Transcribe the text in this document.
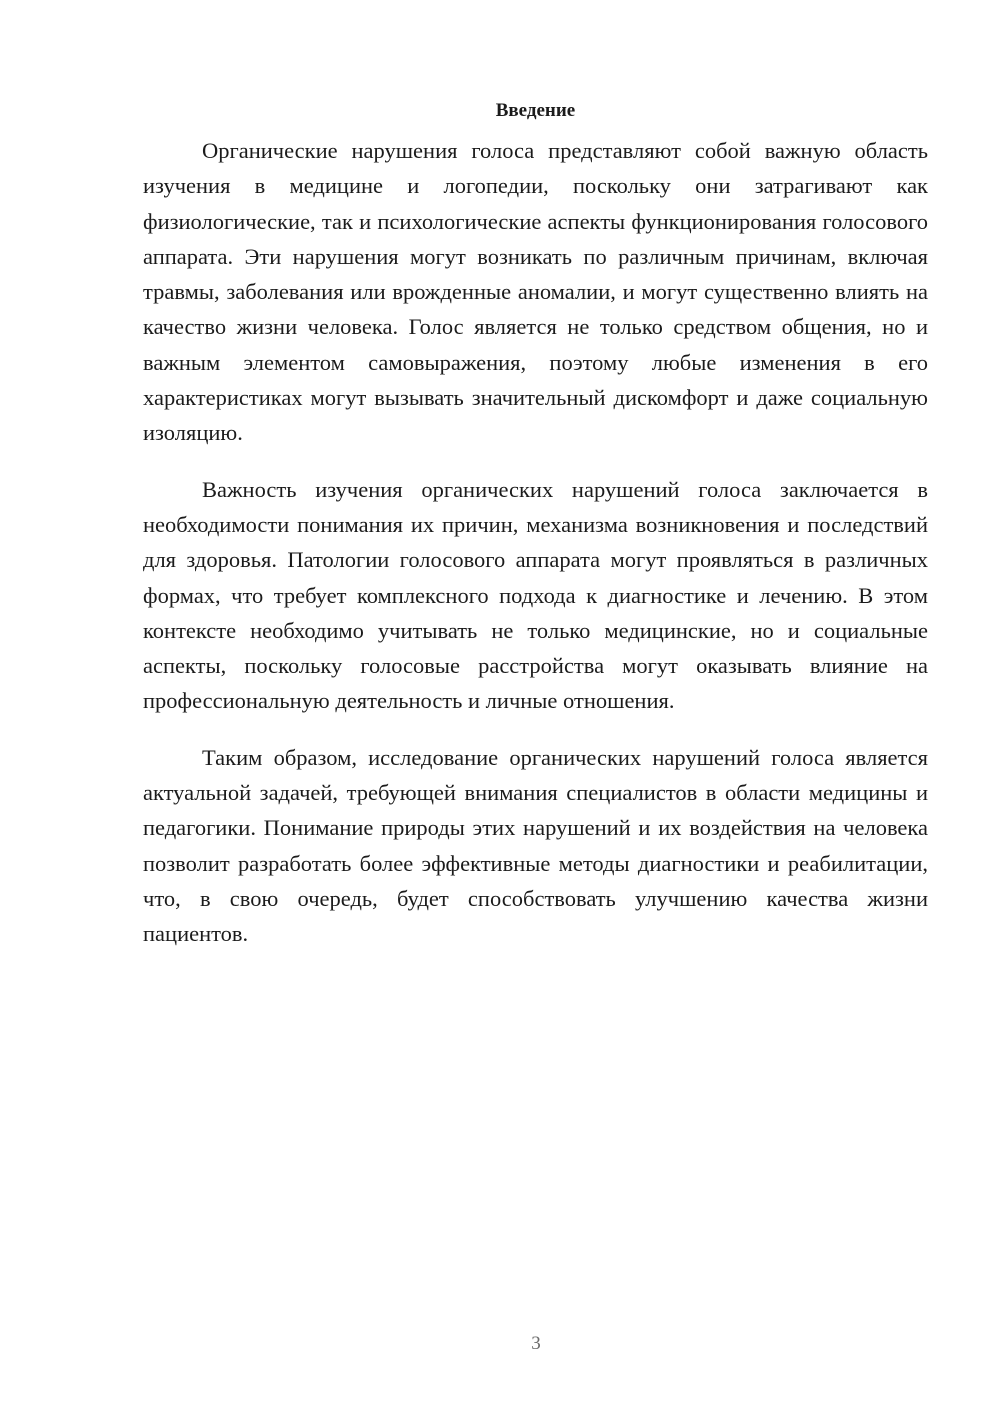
Введение

Органические нарушения голоса представляют собой важную область изучения в медицине и логопедии, поскольку они затрагивают как физиологические, так и психологические аспекты функционирования голосового аппарата. Эти нарушения могут возникать по различным причинам, включая травмы, заболевания или врожденные аномалии, и могут существенно влиять на качество жизни человека. Голос является не только средством общения, но и важным элементом самовыражения, поэтому любые изменения в его характеристиках могут вызывать значительный дискомфорт и даже социальную изоляцию.

Важность изучения органических нарушений голоса заключается в необходимости понимания их причин, механизма возникновения и последствий для здоровья. Патологии голосового аппарата могут проявляться в различных формах, что требует комплексного подхода к диагностике и лечению. В этом контексте необходимо учитывать не только медицинские, но и социальные аспекты, поскольку голосовые расстройства могут оказывать влияние на профессиональную деятельность и личные отношения.

Таким образом, исследование органических нарушений голоса является актуальной задачей, требующей внимания специалистов в области медицины и педагогики. Понимание природы этих нарушений и их воздействия на человека позволит разработать более эффективные методы диагностики и реабилитации, что, в свою очередь, будет способствовать улучшению качества жизни пациентов.

3
